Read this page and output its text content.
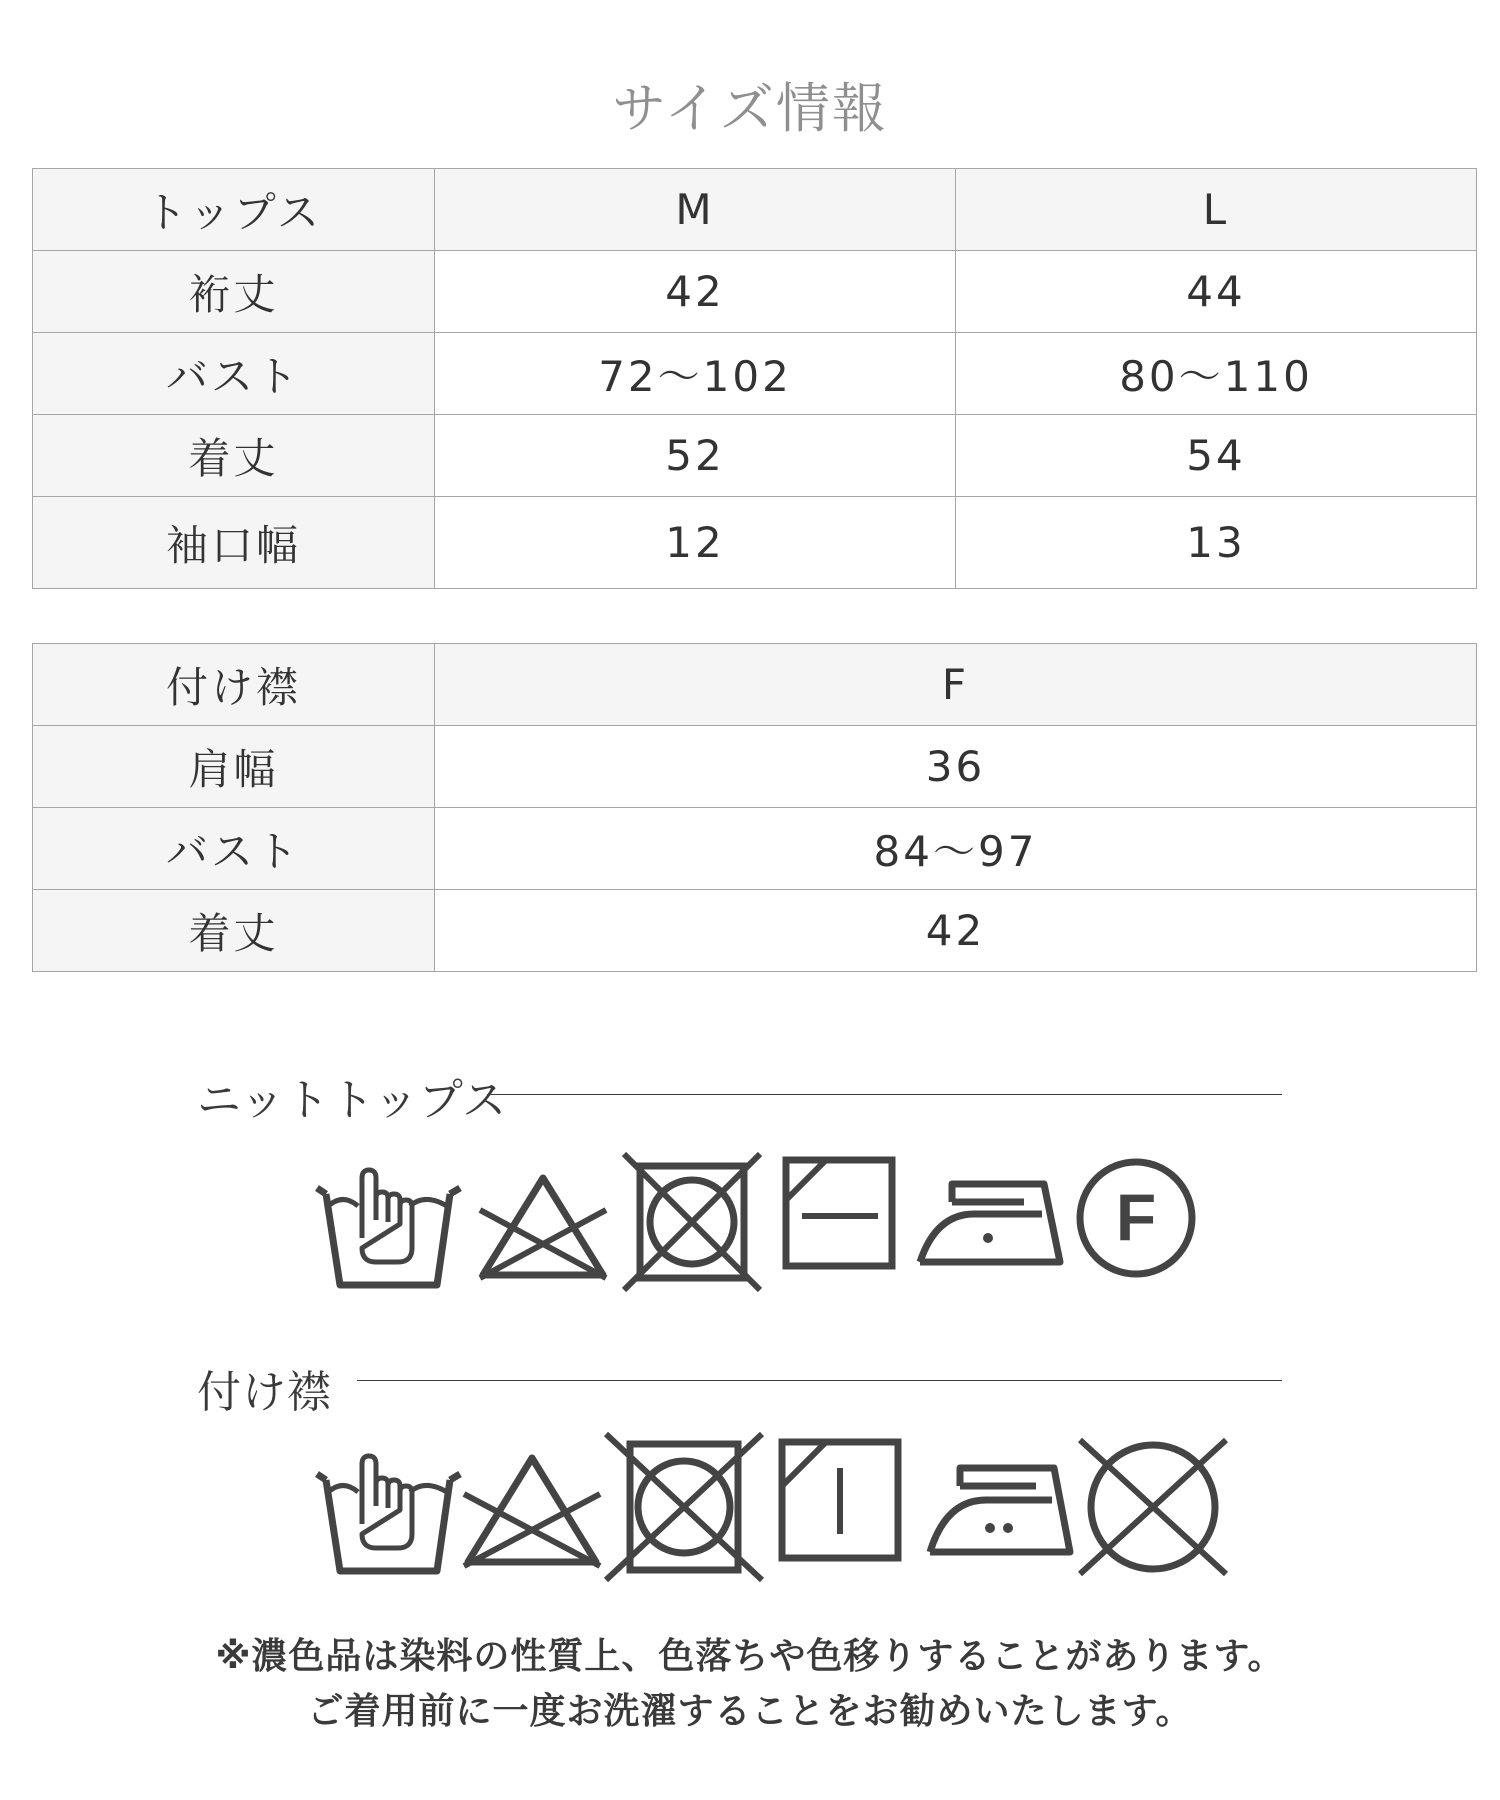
サイズ情報
トップス	M	L
裄丈	42	44
バスト	72～102	80～110
着丈	52	54
袖口幅	12	13
付け襟	F
肩幅	36
バスト	84～97
着丈	42
ニットトップス
F
付け襟
※濃色品は染料の性質上、色落ちや色移りすることがあります。
ご着用前に一度お洗濯することをお勧めいたします。
